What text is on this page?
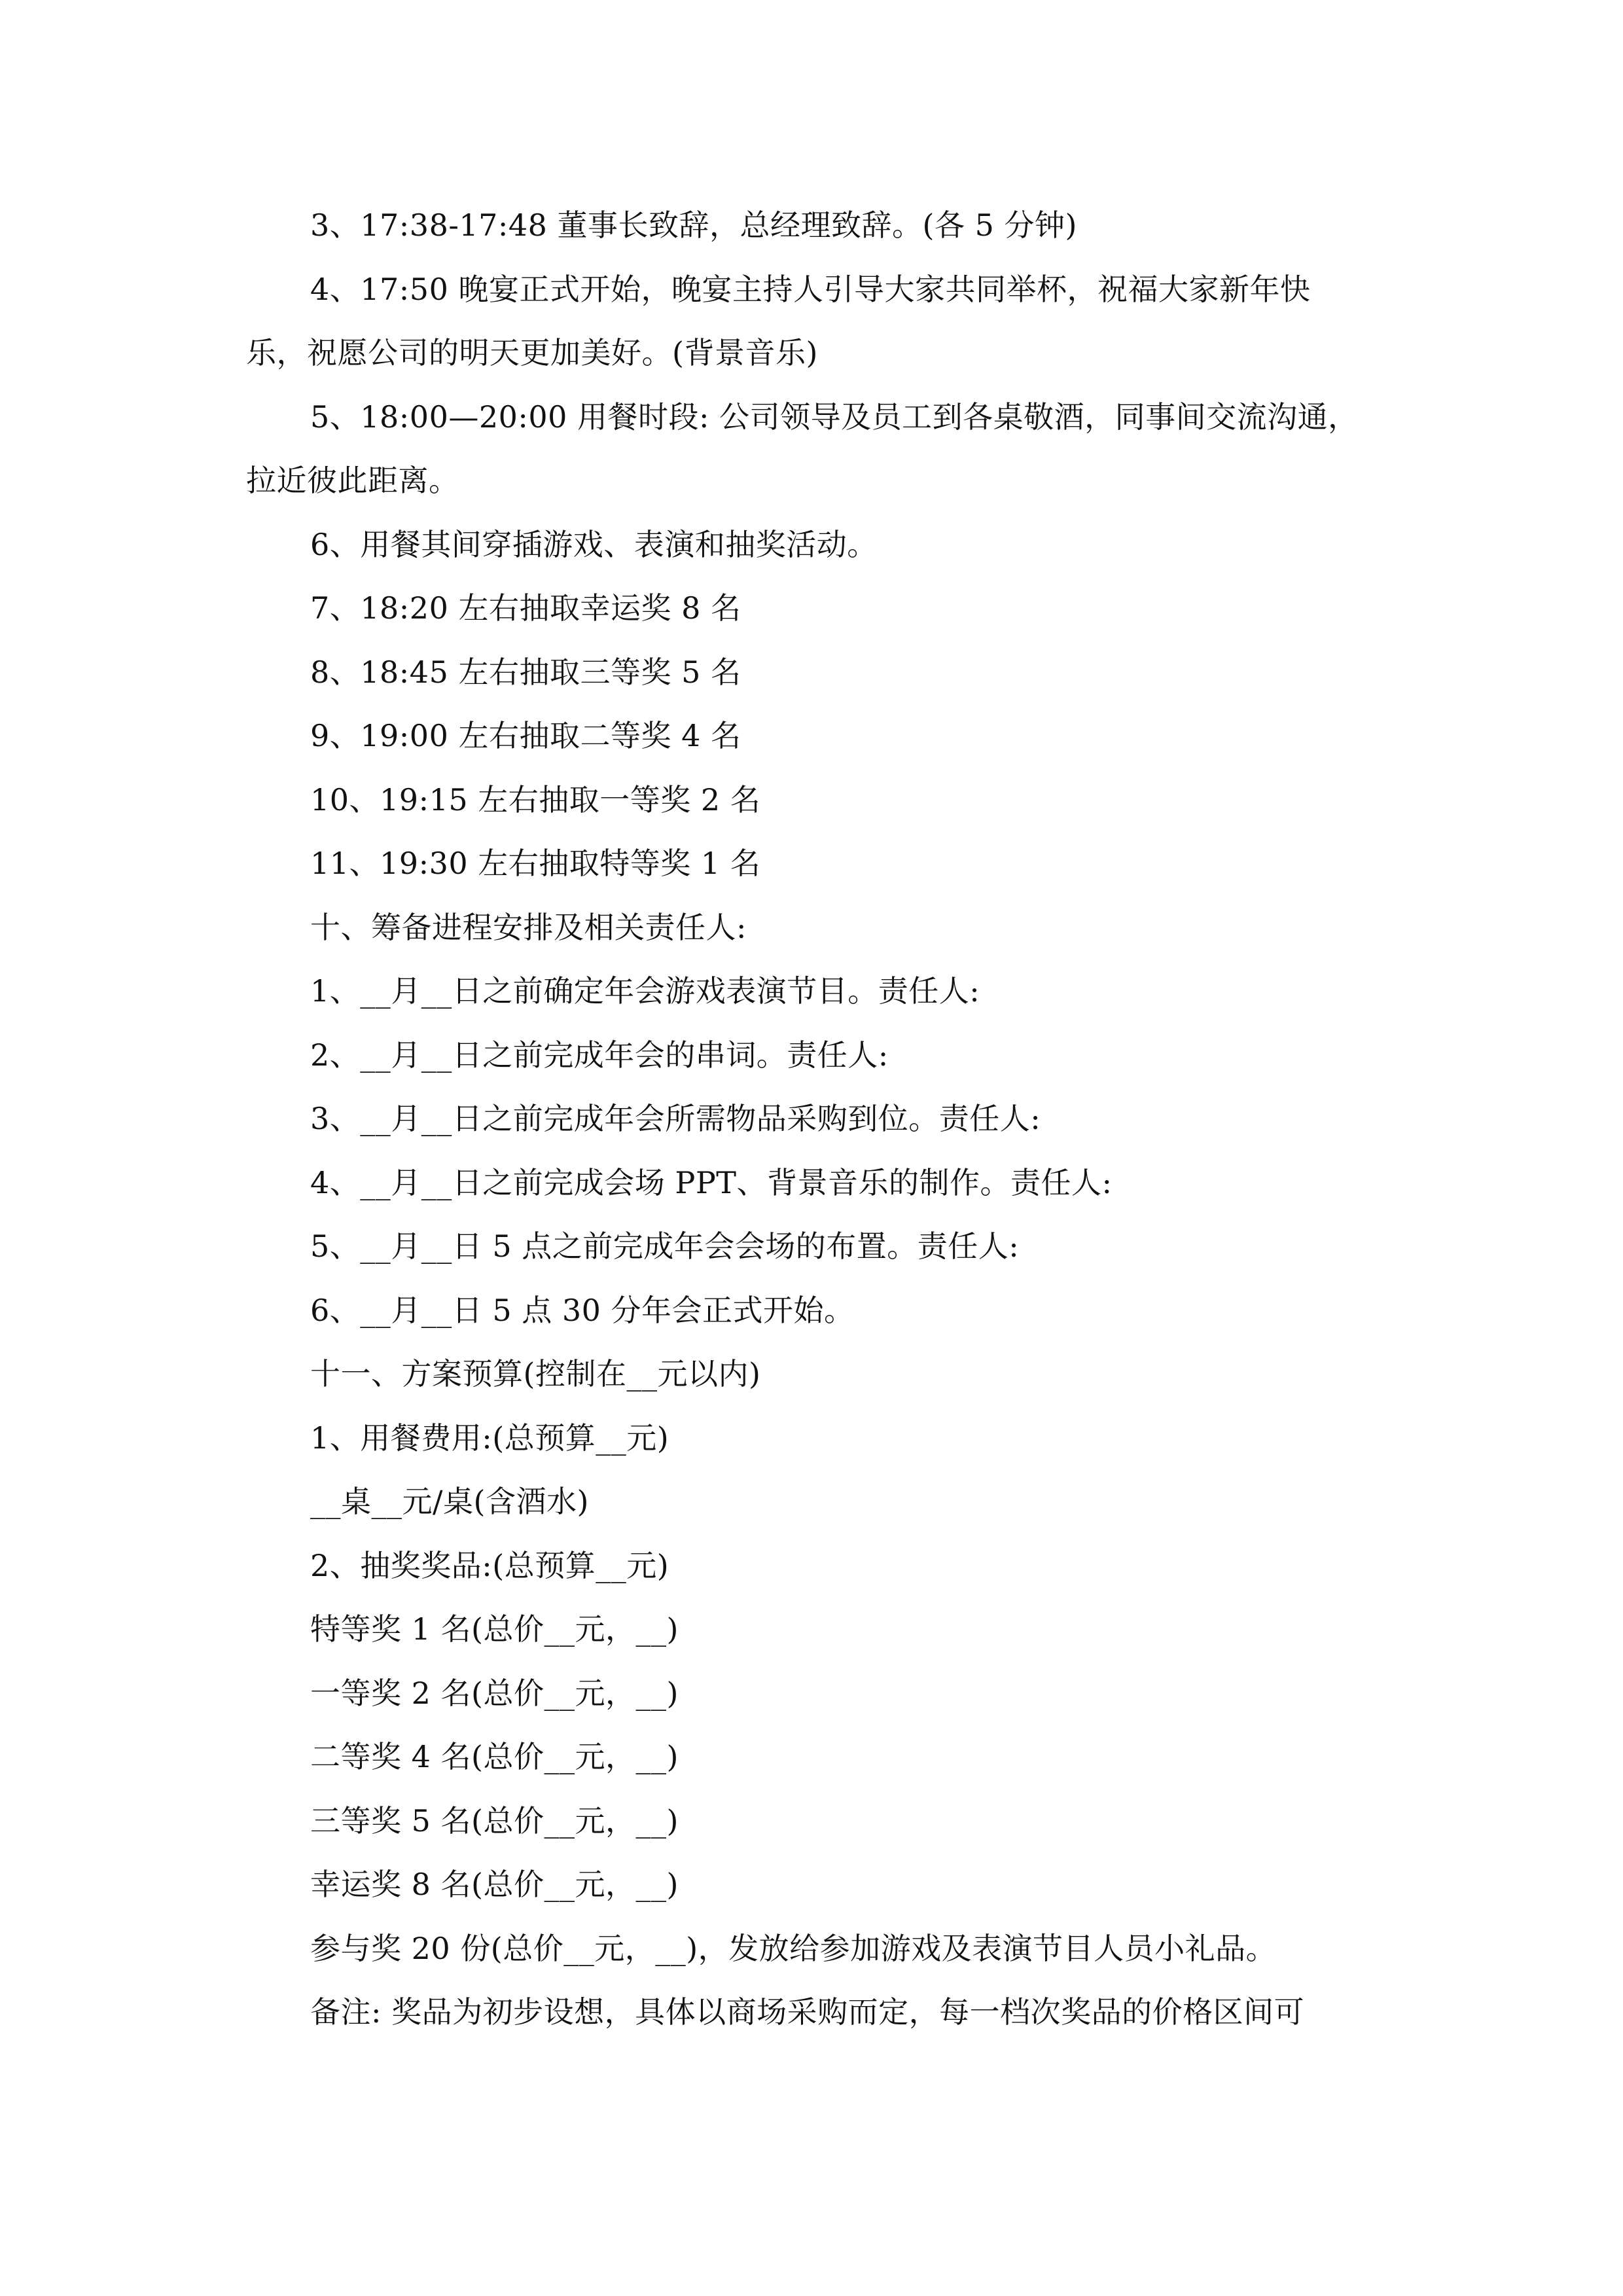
3、17:38-17:48 董事长致辞，总经理致辞。(各 5 分钟)

4、17:50 晚宴正式开始，晚宴主持人引导大家共同举杯，祝福大家新年快

乐，祝愿公司的明天更加美好。(背景音乐)

5、18:00—20:00 用餐时段: 公司领导及员工到各桌敬酒，同事间交流沟通，

拉近彼此距离。

6、用餐其间穿插游戏、表演和抽奖活动。

7、18:20 左右抽取幸运奖 8 名

8、18:45 左右抽取三等奖 5 名

9、19:00 左右抽取二等奖 4 名

10、19:15 左右抽取一等奖 2 名

11、19:30 左右抽取特等奖 1 名

十、筹备进程安排及相关责任人:

1、__月__日之前确定年会游戏表演节目。责任人:

2、__月__日之前完成年会的串词。责任人:

3、__月__日之前完成年会所需物品采购到位。责任人:

4、__月__日之前完成会场 PPT、背景音乐的制作。责任人:

5、__月__日 5 点之前完成年会会场的布置。责任人:

6、__月__日 5 点 30 分年会正式开始。

十一、方案预算(控制在__元以内)

1、用餐费用:(总预算__元)

__桌__元/桌(含酒水)

2、抽奖奖品:(总预算__元)

特等奖 1 名(总价__元，__)

一等奖 2 名(总价__元，__)

二等奖 4 名(总价__元，__)

三等奖 5 名(总价__元，__)

幸运奖 8 名(总价__元，__)

参与奖 20 份(总价__元，__)，发放给参加游戏及表演节目人员小礼品。

备注: 奖品为初步设想，具体以商场采购而定，每一档次奖品的价格区间可
